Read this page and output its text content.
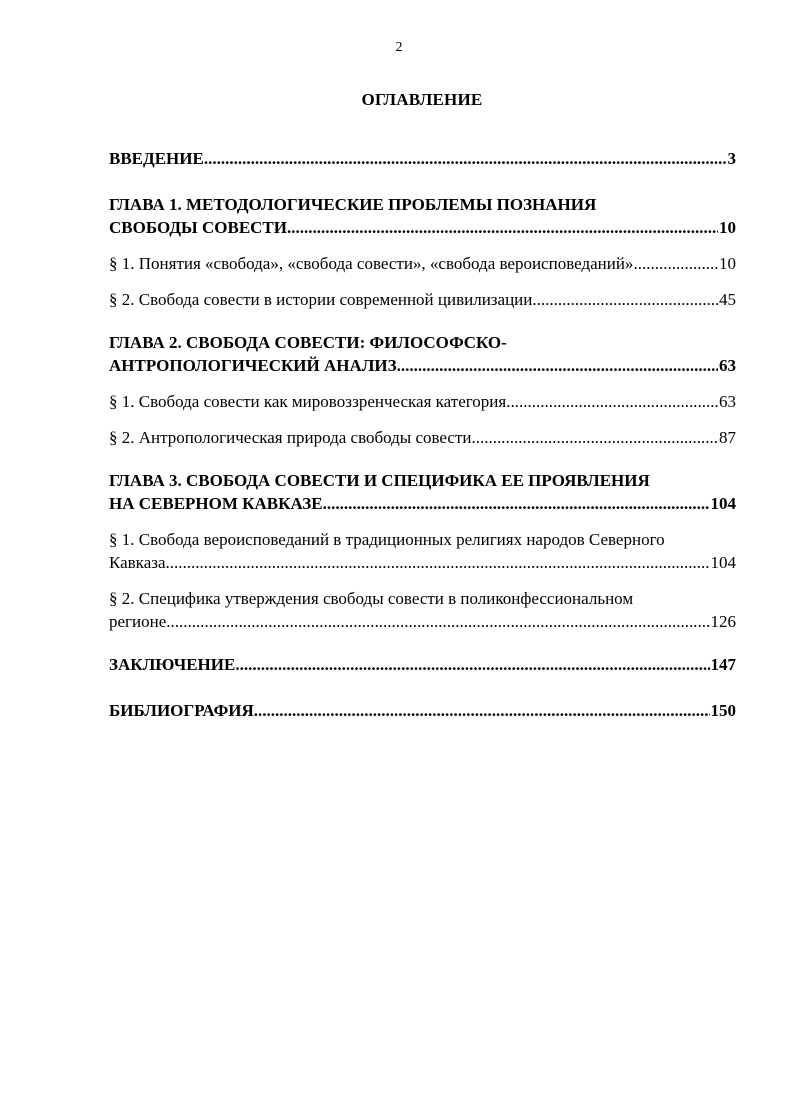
2
ОГЛАВЛЕНИЕ
ВВЕДЕНИЕ .....	3
ГЛАВА 1. МЕТОДОЛОГИЧЕСКИЕ ПРОБЛЕМЫ ПОЗНАНИЯ
СВОБОДЫ СОВЕСТИ .....	10
§ 1. Понятия «свобода», «свобода совести», «свобода вероисповеданий» .....	10
§ 2. Свобода совести в истории современной цивилизации .....	45
ГЛАВА 2. СВОБОДА СОВЕСТИ: ФИЛОСОФСКО-
АНТРОПОЛОГИЧЕСКИЙ АНАЛИЗ .....	63
§ 1. Свобода совести как мировоззренческая категория .....	63
§ 2. Антропологическая природа свободы совести .....	87
ГЛАВА 3. СВОБОДА СОВЕСТИ И СПЕЦИФИКА ЕЕ ПРОЯВЛЕНИЯ
НА СЕВЕРНОМ КАВКАЗЕ .....	104
§ 1. Свобода вероисповеданий в традиционных религиях народов Северного
Кавказа .....	104
§ 2. Специфика утверждения свободы совести в поликонфессиональном
регионе .....	126
ЗАКЛЮЧЕНИЕ .....	147
БИБЛИОГРАФИЯ .....	150
